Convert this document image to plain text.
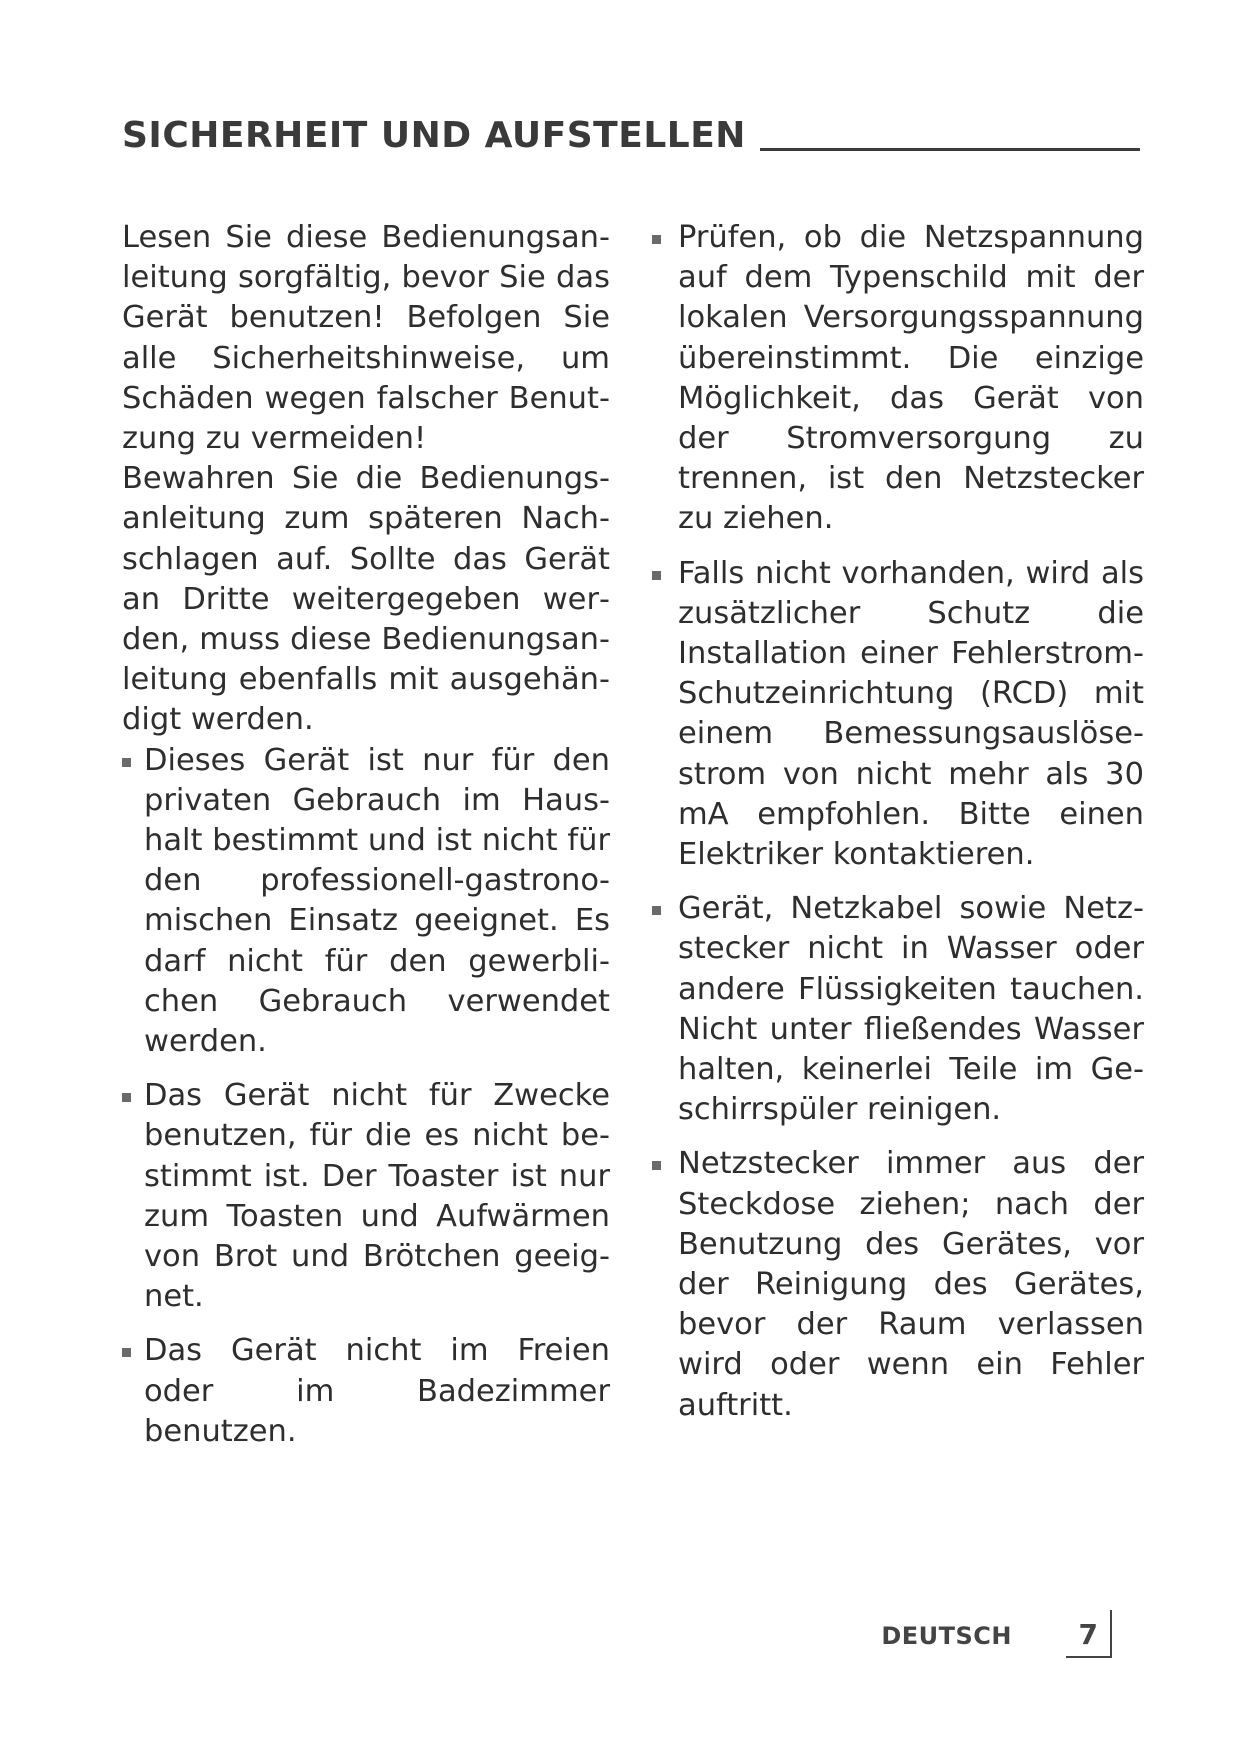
SICHERHEIT UND AUFSTELLEN

Lesen Sie diese Bedienungsanleitung sorgfältig, bevor Sie das Gerät benutzen! Befolgen Sie alle Sicherheitshinweise, um Schäden wegen falscher Benutzung zu vermeiden!

Bewahren Sie die Bedienungsanleitung zum späteren Nachschlagen auf. Sollte das Gerät an Dritte weitergegeben werden, muss diese Bedienungsanleitung ebenfalls mit ausgehändigt werden.

Dieses Gerät ist nur für den privaten Gebrauch im Haushalt bestimmt und ist nicht für den professionell-gastronomischen Einsatz geeignet. Es darf nicht für den gewerblichen Gebrauch verwendet werden.
Das Gerät nicht für Zwecke benutzen, für die es nicht bestimmt ist. Der Toaster ist nur zum Toasten und Aufwärmen von Brot und Brötchen geeignet.
Das Gerät nicht im Freien oder im Badezimmer benutzen.
Prüfen, ob die Netzspannung auf dem Typenschild mit der lokalen Versorgungsspannung übereinstimmt. Die einzige Möglichkeit, das Gerät von der Stromversorgung zu trennen, ist den Netzstecker zu ziehen.
Falls nicht vorhanden, wird als zusätzlicher Schutz die Installation einer Fehlerstrom-Schutzeinrichtung (RCD) mit einem Bemessungsauslösestrom von nicht mehr als 30 mA empfohlen. Bitte einen Elektriker kontaktieren.
Gerät, Netzkabel sowie Netzstecker nicht in Wasser oder andere Flüssigkeiten tauchen. Nicht unter fließendes Wasser halten, keinerlei Teile im Geschirrspüler reinigen.
Netzstecker immer aus der Steckdose ziehen; nach der Benutzung des Gerätes, vor der Reinigung des Gerätes, bevor der Raum verlassen wird oder wenn ein Fehler auftritt.
DEUTSCH 7
